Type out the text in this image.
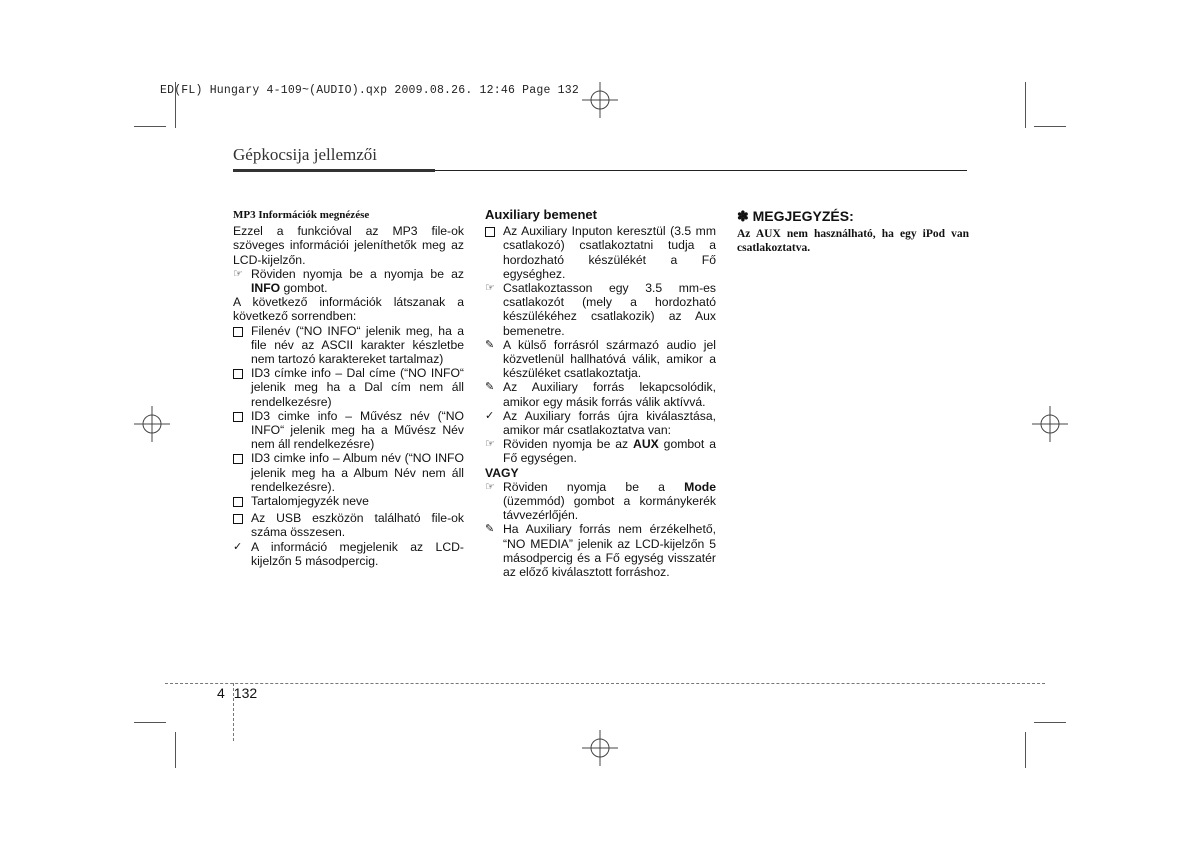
ED(FL) Hungary 4-109~(AUDIO).qxp 2009.08.26. 12:46 Page 132
Gépkocsija jellemzői

MP3 Információk megnézése

Ezzel a funkcióval az MP3 file-ok szöveges információi jeleníthetők meg az LCD-kijelzőn.

☞ Röviden nyomja be a nyomja be az INFO gombot.

A következő információk látszanak a következő sorrendben:

Filenév (“NO INFO“ jelenik meg, ha a file név az ASCII karakter készletbe nem tartozó karaktereket tartalmaz)
ID3 címke info – Dal címe (“NO INFO“ jelenik meg ha a Dal cím nem áll rendelkezésre)
ID3 cimke info – Művész név (“NO INFO“ jelenik meg ha a Művész Név nem áll rendelkezésre)
ID3 cimke info – Album név (“NO INFO jelenik meg ha a Album Név nem áll rendelkezésre).
Tartalomjegyzék neve
Az USB eszközön található file-ok száma összesen.
✓ A információ megjelenik az LCD-kijelzőn 5 másodpercig.

Auxiliary bemenet

Az Auxiliary Inputon keresztül (3.5 mm csatlakozó) csatlakoztatni tudja a hordozható készülékét a Fő egységhez.
☞ Csatlakoztasson egy 3.5 mm-es csatlakozót (mely a hordozható készülékéhez csatlakozik) az Aux bemenetre.
✎ A külső forrásról származó audio jel közvetlenül hallhatóvá válik, amikor a készüléket csatlakoztatja.
✎ Az Auxiliary forrás lekapcsolódik, amikor egy másik forrás válik aktívvá.
✓ Az Auxiliary forrás újra kiválasztása, amikor már csatlakoztatva van:
☞ Röviden nyomja be az AUX gombot a Fő egységen.

VAGY

☞ Röviden nyomja be a Mode (üzemmód) gombot a kormánykerék távvezérlőjén.
✎ Ha Auxiliary forrás nem érzékelhető, “NO MEDIA” jelenik az LCD-kijelzőn 5 másodpercig és a Fő egység visszatér az előző kiválasztott forráshoz.
✽ MEGJEGYZÉS:
Az AUX nem használható, ha egy iPod van csatlakoztatva.
4 132
